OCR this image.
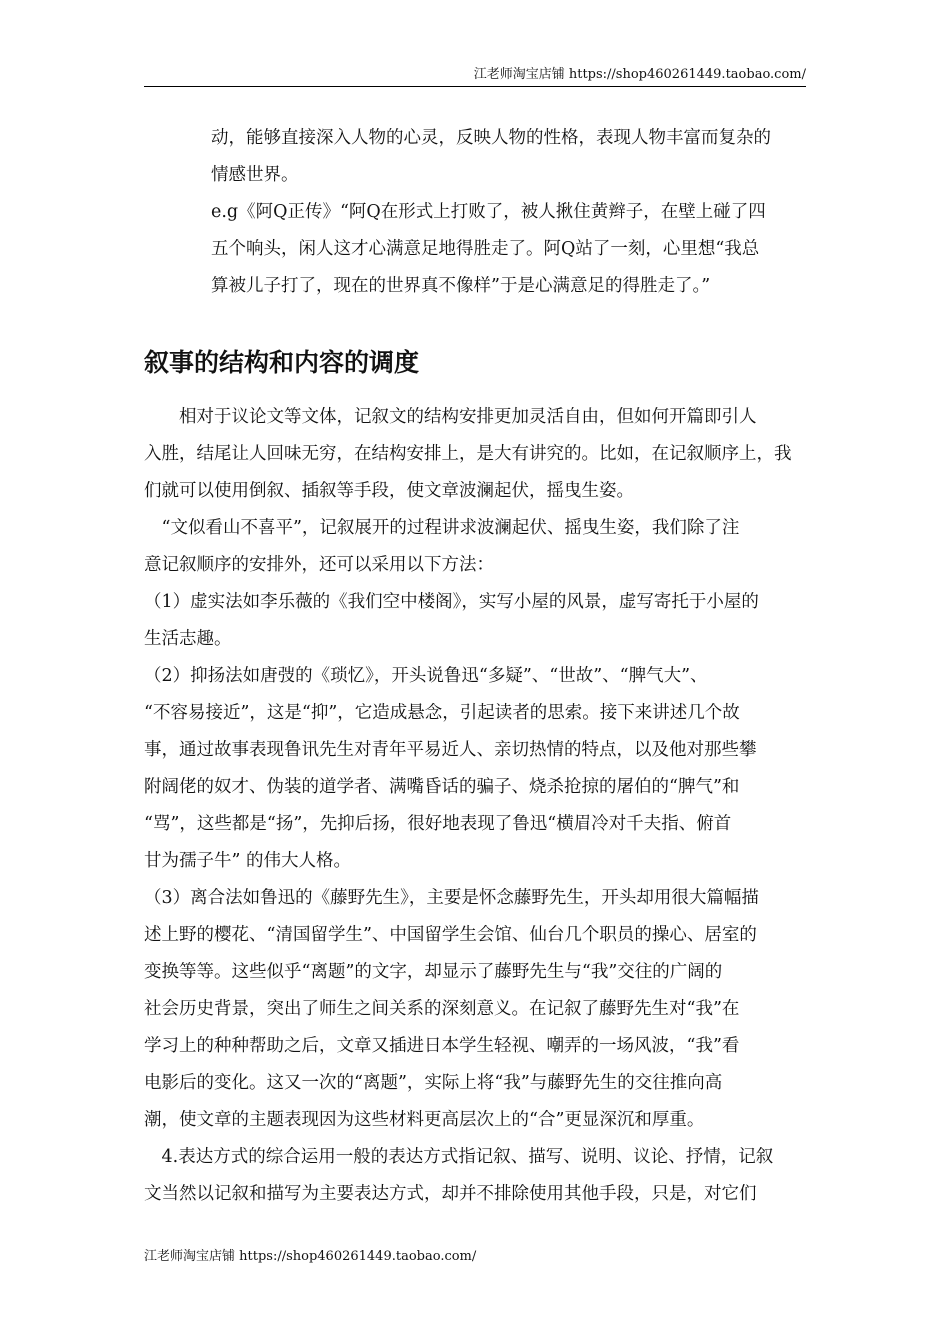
江老师淘宝店铺 https://shop460261449.taobao.com/

动，能够直接深入人物的心灵，反映人物的性格，表现人物丰富而复杂的

情感世界。

e.g《阿Q正传》“阿Q在形式上打败了，被人揪住黄辫子，在壁上碰了四

五个响头，闲人这才心满意足地得胜走了。阿Q站了一刻，心里想“我总

算被儿子打了，现在的世界真不像样”于是心满意足的得胜走了。”

叙事的结构和内容的调度

　　相对于议论文等文体，记叙文的结构安排更加灵活自由，但如何开篇即引人

入胜，结尾让人回味无穷，在结构安排上，是大有讲究的。比如，在记叙顺序上，我

们就可以使用倒叙、插叙等手段，使文章波澜起伏，摇曳生姿。

　“文似看山不喜平”，记叙展开的过程讲求波澜起伏、摇曳生姿，我们除了注

意记叙顺序的安排外，还可以采用以下方法：

（1）虚实法如李乐薇的《我们空中楼阁》，实写小屋的风景，虚写寄托于小屋的

生活志趣。

（2）抑扬法如唐弢的《琐忆》，开头说鲁迅“多疑”、“世故”、“脾气大”、

“不容易接近”，这是“抑”，它造成悬念，引起读者的思索。接下来讲述几个故

事，通过故事表现鲁讯先生对青年平易近人、亲切热情的特点，以及他对那些攀

附阔佬的奴才、伪装的道学者、满嘴昏话的骗子、烧杀抢掠的屠伯的“脾气”和

“骂”，这些都是“扬”，先抑后扬，很好地表现了鲁迅“横眉冷对千夫指、俯首

甘为孺子牛” 的伟大人格。

（3）离合法如鲁迅的《藤野先生》，主要是怀念藤野先生，开头却用很大篇幅描

述上野的樱花、“清国留学生”、中国留学生会馆、仙台几个职员的操心、居室的

变换等等。这些似乎“离题”的文字，却显示了藤野先生与“我”交往的广阔的

社会历史背景，突出了师生之间关系的深刻意义。在记叙了藤野先生对“我”在

学习上的种种帮助之后，文章又插进日本学生轻视、嘲弄的一场风波，“我”看

电影后的变化。这又一次的“离题”，实际上将“我”与藤野先生的交往推向高

潮，使文章的主题表现因为这些材料更高层次上的“合”更显深沉和厚重。

　4.表达方式的综合运用一般的表达方式指记叙、描写、说明、议论、抒情，记叙

文当然以记叙和描写为主要表达方式，却并不排除使用其他手段，只是，对它们

江老师淘宝店铺 https://shop460261449.taobao.com/
